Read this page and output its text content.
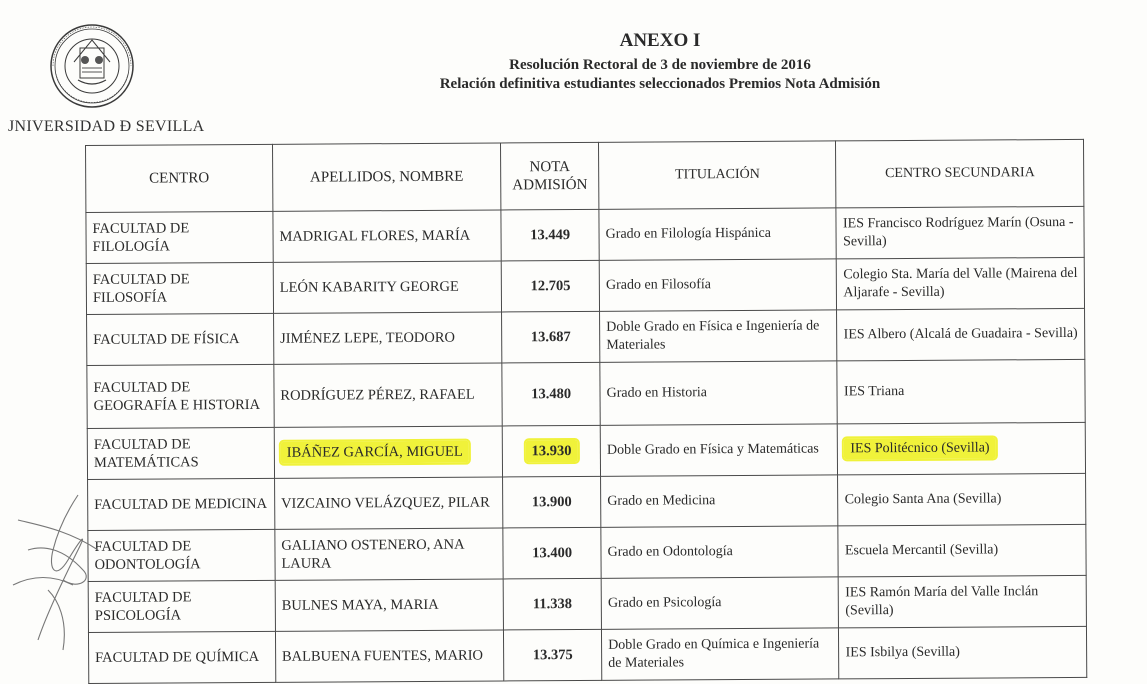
JNIVERSIDAD Ð SEVILLA
ANEXO I
Resolución Rectoral de 3 de noviembre de 2016
Relación definitiva estudiantes seleccionados Premios Nota Admisión
CENTRO	APELLIDOS, NOMBRE	NOTA ADMISIÓN	TITULACIÓN	CENTRO SECUNDARIA
FACULTAD DE FILOLOGÍA	MADRIGAL FLORES, MARÍA	13.449	Grado en Filología Hispánica	IES Francisco Rodríguez Marín (Osuna - Sevilla)
FACULTAD DE FILOSOFÍA	LEÓN KABARITY GEORGE	12.705	Grado en Filosofía	Colegio Sta. María del Valle (Mairena del Aljarafe - Sevilla)
FACULTAD DE FÍSICA	JIMÉNEZ LEPE, TEODORO	13.687	Doble Grado en Física e Ingeniería de Materiales	IES Albero (Alcalá de Guadaira - Sevilla)
FACULTAD DE GEOGRAFÍA E HISTORIA	RODRÍGUEZ PÉREZ, RAFAEL	13.480	Grado en Historia	IES Triana
FACULTAD DE MATEMÁTICAS	IBÁÑEZ GARCÍA, MIGUEL	13.930	Doble Grado en Física y Matemáticas	IES Politécnico (Sevilla)
FACULTAD DE MEDICINA	VIZCAINO VELÁZQUEZ, PILAR	13.900	Grado en Medicina	Colegio Santa Ana (Sevilla)
FACULTAD DE ODONTOLOGÍA	GALIANO OSTENERO, ANA LAURA	13.400	Grado en Odontología	Escuela Mercantil (Sevilla)
FACULTAD DE PSICOLOGÍA	BULNES MAYA, MARIA	11.338	Grado en Psicología	IES Ramón María del Valle Inclán (Sevilla)
FACULTAD DE QUÍMICA	BALBUENA FUENTES, MARIO	13.375	Doble Grado en Química e Ingeniería de Materiales	IES Isbilya (Sevilla)
